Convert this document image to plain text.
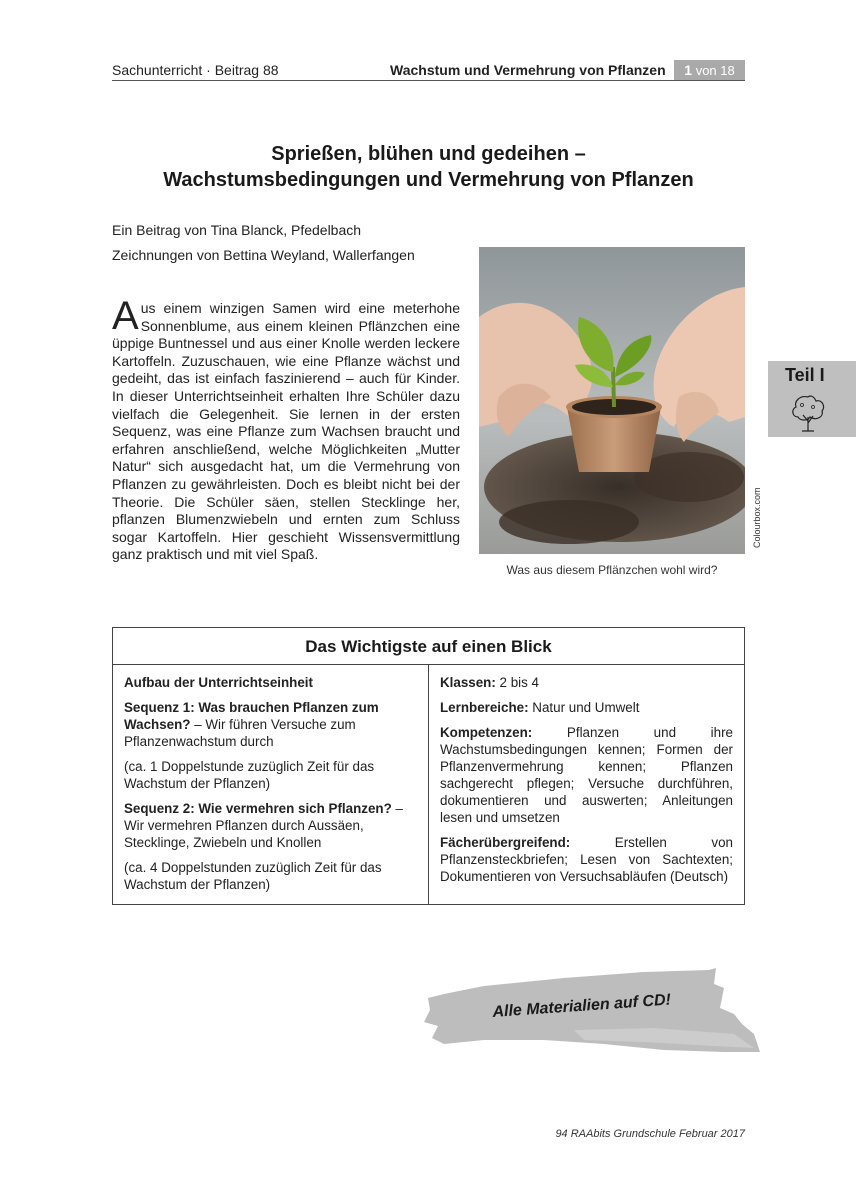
Sachunterricht · Beitrag 88	Wachstum und Vermehrung von Pflanzen	1 von 18
Sprießen, blühen und gedeihen –
Wachstumsbedingungen und Vermehrung von Pflanzen
Ein Beitrag von Tina Blanck, Pfedelbach
Zeichnungen von Bettina Weyland, Wallerfangen
Aus einem winzigen Samen wird eine meterhohe Sonnenblume, aus einem kleinen Pflänzchen eine üppige Buntnessel und aus einer Knolle werden leckere Kartoffeln. Zuzuschauen, wie eine Pflanze wächst und gedeiht, das ist einfach faszinierend – auch für Kinder. In dieser Unterrichtseinheit erhalten Ihre Schüler dazu vielfach die Gelegenheit. Sie lernen in der ersten Sequenz, was eine Pflanze zum Wachsen braucht und erfahren anschließend, welche Möglichkeiten „Mutter Natur“ sich ausgedacht hat, um die Vermehrung von Pflanzen zu gewährleisten. Doch es bleibt nicht bei der Theorie. Die Schüler säen, stellen Stecklinge her, pflanzen Blumenzwiebeln und ernten zum Schluss sogar Kartoffeln. Hier geschieht Wissensvermittlung ganz praktisch und mit viel Spaß.
Was aus diesem Pflänzchen wohl wird?
Colourbox.com
Teil I
Das Wichtigste auf einen Blick

Aufbau der Unterrichtseinheit

Sequenz 1: Was brauchen Pflanzen zum Wachsen? – Wir führen Versuche zum Pflanzenwachstum durch

(ca. 1 Doppelstunde zuzüglich Zeit für das Wachstum der Pflanzen)

Sequenz 2: Wie vermehren sich Pflanzen? – Wir vermehren Pflanzen durch Aussäen, Stecklinge, Zwiebeln und Knollen

(ca. 4 Doppelstunden zuzüglich Zeit für das Wachstum der Pflanzen)

Klassen: 2 bis 4

Lernbereiche: Natur und Umwelt

Kompetenzen: Pflanzen und ihre Wachstumsbedingungen kennen; Formen der Pflanzenvermehrung kennen; Pflanzen sachgerecht pflegen; Versuche durchführen, dokumentieren und auswerten; Anleitungen lesen und umsetzen

Fächerübergreifend: Erstellen von Pflanzensteckbriefen; Lesen von Sachtexten; Dokumentieren von Versuchsabläufen (Deutsch)

Alle Materialien auf CD!
94 RAAbits Grundschule Februar 2017
